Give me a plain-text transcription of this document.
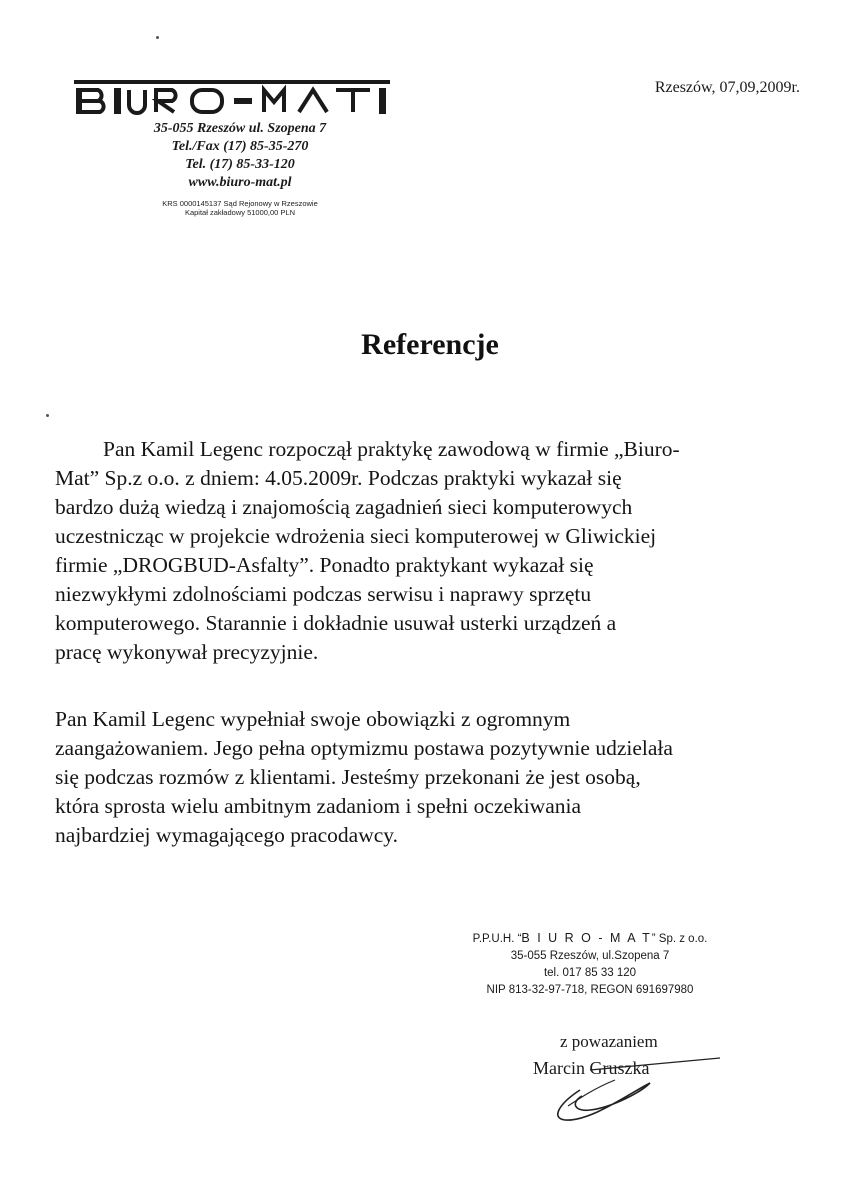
35-055 Rzeszów ul. Szopena 7
Tel./Fax (17) 85-35-270
Tel. (17) 85-33-120
www.biuro-mat.pl
KRS 0000145137 Sąd Rejonowy w Rzeszowie
Kapitał zakładowy 51000,00 PLN
Rzeszów, 07,09,2009r.
Referencje

Pan Kamil Legenc rozpoczął praktykę zawodową w firmie „Biuro-

Mat” Sp.z o.o. z dniem: 4.05.2009r. Podczas praktyki wykazał się

bardzo dużą wiedzą i znajomością zagadnień sieci komputerowych

uczestnicząc w projekcie wdrożenia sieci komputerowej w Gliwickiej

firmie „DROGBUD-Asfalty”. Ponadto praktykant wykazał się

niezwykłymi zdolnościami podczas serwisu i naprawy sprzętu

komputerowego. Starannie i dokładnie usuwał usterki urządzeń a

pracę wykonywał precyzyjnie.

Pan Kamil Legenc wypełniał swoje obowiązki z ogromnym

zaangażowaniem. Jego pełna optymizmu postawa pozytywnie udzielała

się podczas rozmów z klientami. Jesteśmy przekonani że jest osobą,

która sprosta wielu ambitnym zadaniom i spełni oczekiwania

najbardziej wymagającego pracodawcy.

P.P.U.H. “B I U R O - M A T” Sp. z o.o.
35-055 Rzeszów, ul.Szopena 7
tel. 017 85 33 120
NIP 813-32-97-718, REGON 691697980
z powazaniem
Marcin Gruszka
